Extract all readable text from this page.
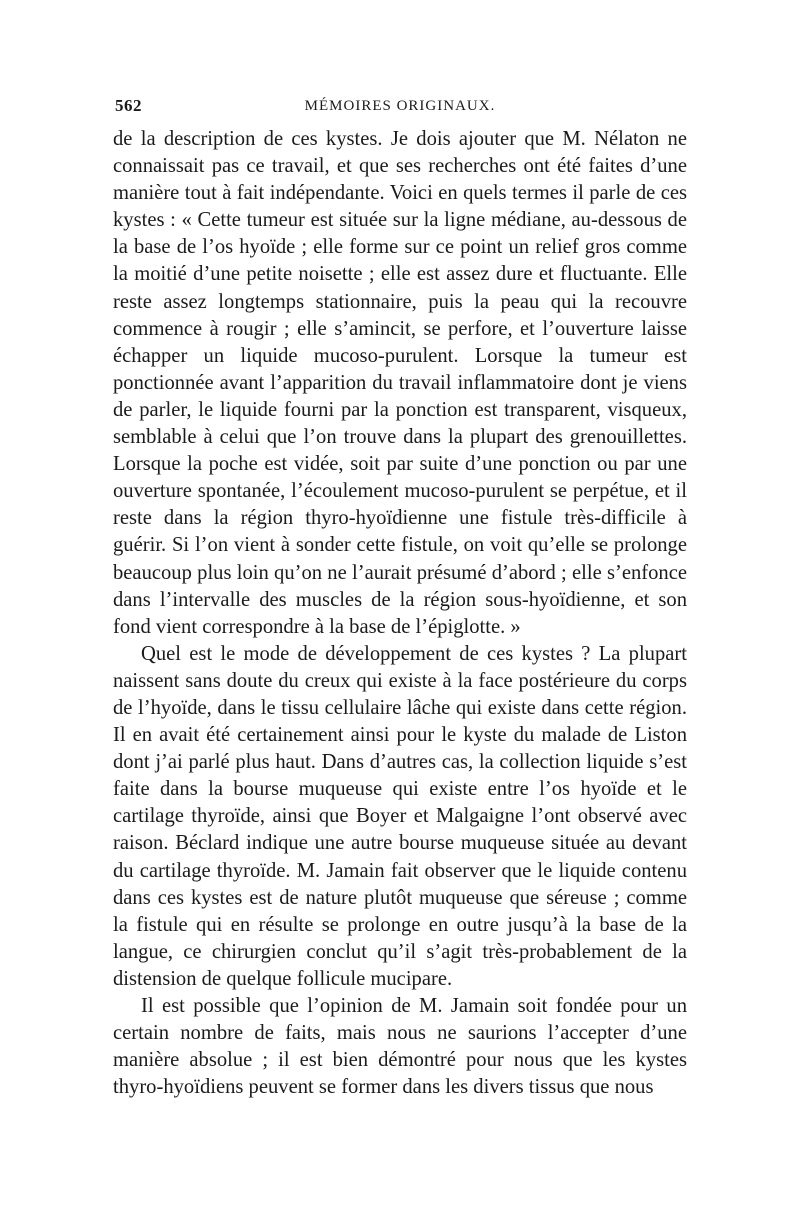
562	MÉMOIRES ORIGINAUX.

de la description de ces kystes. Je dois ajouter que M. Nélaton ne connaissait pas ce travail, et que ses recherches ont été faites d’une manière tout à fait indépendante. Voici en quels termes il parle de ces kystes : « Cette tumeur est située sur la ligne médiane, au-dessous de la base de l’os hyoïde ; elle forme sur ce point un relief gros comme la moitié d’une petite noisette ; elle est assez dure et fluctuante. Elle reste assez longtemps stationnaire, puis la peau qui la recouvre commence à rougir ; elle s’amincit, se perfore, et l’ouverture laisse échapper un liquide mucoso-purulent. Lorsque la tumeur est ponctionnée avant l’apparition du travail inflammatoire dont je viens de parler, le liquide fourni par la ponction est transparent, visqueux, semblable à celui que l’on trouve dans la plupart des grenouillettes. Lorsque la poche est vidée, soit par suite d’une ponction ou par une ouverture spontanée, l’écoulement mucoso-purulent se perpétue, et il reste dans la région thyro-hyoïdienne une fistule très-difficile à guérir. Si l’on vient à sonder cette fistule, on voit qu’elle se prolonge beaucoup plus loin qu’on ne l’aurait présumé d’abord ; elle s’enfonce dans l’intervalle des muscles de la région sous-hyoïdienne, et son fond vient correspondre à la base de l’épiglotte. »

Quel est le mode de développement de ces kystes ? La plupart naissent sans doute du creux qui existe à la face postérieure du corps de l’hyoïde, dans le tissu cellulaire lâche qui existe dans cette région. Il en avait été certainement ainsi pour le kyste du malade de Liston dont j’ai parlé plus haut. Dans d’autres cas, la collection liquide s’est faite dans la bourse muqueuse qui existe entre l’os hyoïde et le cartilage thyroïde, ainsi que Boyer et Malgaigne l’ont observé avec raison. Béclard indique une autre bourse muqueuse située au devant du cartilage thyroïde. M. Jamain fait observer que le liquide contenu dans ces kystes est de nature plutôt muqueuse que séreuse ; comme la fistule qui en résulte se prolonge en outre jusqu’à la base de la langue, ce chirurgien conclut qu’il s’agit très-probablement de la distension de quelque follicule mucipare.

Il est possible que l’opinion de M. Jamain soit fondée pour un certain nombre de faits, mais nous ne saurions l’accepter d’une manière absolue ; il est bien démontré pour nous que les kystes thyro-hyoïdiens peuvent se former dans les divers tissus que nous
